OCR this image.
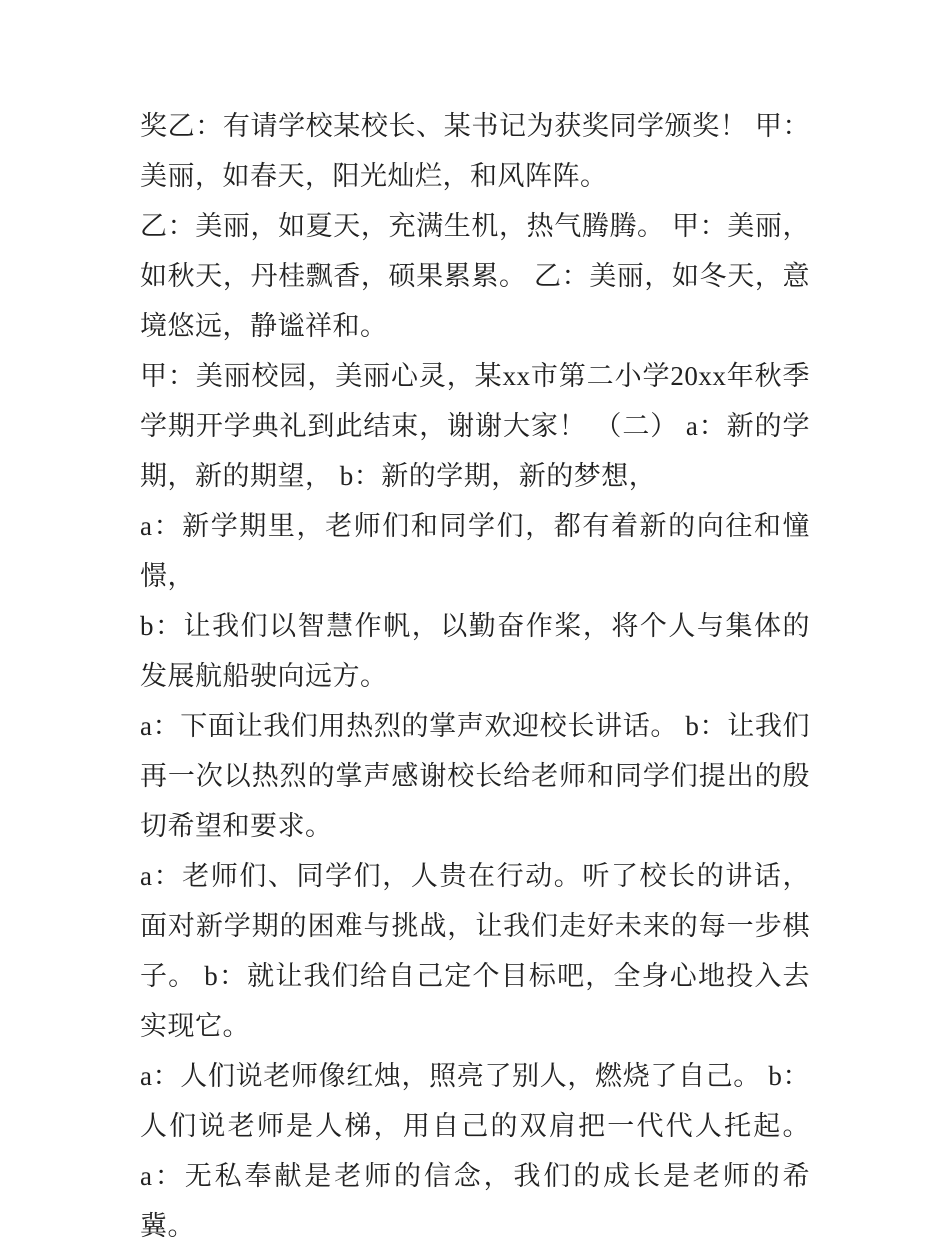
奖乙：有请学校某校长、某书记为获奖同学颁奖！ 甲：美丽，如春天，阳光灿烂，和风阵阵。

乙：美丽，如夏天，充满生机，热气腾腾。 甲：美丽，如秋天，丹桂飘香，硕果累累。 乙：美丽，如冬天，意境悠远，静谧祥和。

甲：美丽校园，美丽心灵，某xx市第二小学20xx年秋季学期开学典礼到此结束，谢谢大家！ （二） a：新的学期，新的期望， b：新的学期，新的梦想，

a：新学期里，老师们和同学们，都有着新的向往和憧憬，

b：让我们以智慧作帆，以勤奋作桨，将个人与集体的发展航船驶向远方。

a：下面让我们用热烈的掌声欢迎校长讲话。 b：让我们再一次以热烈的掌声感谢校长给老师和同学们提出的殷切希望和要求。

a：老师们、同学们，人贵在行动。听了校长的讲话，面对新学期的困难与挑战，让我们走好未来的每一步棋子。 b：就让我们给自己定个目标吧，全身心地投入去实现它。

a：人们说老师像红烛，照亮了别人，燃烧了自己。 b：人们说老师是人梯，用自己的双肩把一代代人托起。 a：无私奉献是老师的信念，我们的成长是老师的希冀。
